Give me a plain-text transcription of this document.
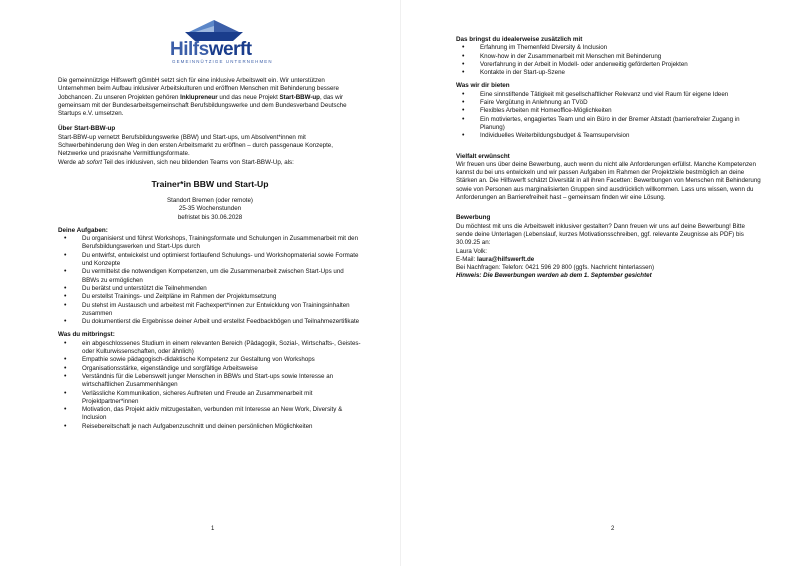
Hilfswerft
GEMEINNÜTZIGE UNTERNEHMEN

Die gemeinnützige Hilfswerft gGmbH setzt sich für eine inklusive Arbeitswelt ein. Wir unterstützen Unternehmen beim Aufbau inklusiver Arbeitskulturen und eröffnen Menschen mit Behinderung bessere Jobchancen. Zu unseren Projekten gehören Inklupreneur und das neue Projekt Start-BBW-up, das wir gemeinsam mit der Bundesarbeitsgemeinschaft Berufsbildungswerke und dem Bundesverband Deutsche Startups e.V. umsetzen.

Über Start-BBW-up

Start-BBW-up vernetzt Berufsbildungswerke (BBW) und Start-ups, um Absolvent*innen mit Schwerbehinderung den Weg in den ersten Arbeitsmarkt zu eröffnen – durch passgenaue Konzepte, Netzwerke und praxisnahe Vermittlungsformate.

Werde ab sofort Teil des inklusiven, sich neu bildenden Teams von Start-BBW-Up, als:

Trainer*in BBW und Start-Up

Standort Bremen (oder remote)

25-35 Wochenstunden

befristet bis 30.06.2028

Deine Aufgaben:
• Du organisierst und führst Workshops, Trainingsformate und Schulungen in Zusammenarbeit mit den Berufsbildungswerken und Start-Ups durch
• Du entwirfst, entwickelst und optimierst fortlaufend Schulungs- und Workshopmaterial sowie Formate und Konzepte
• Du vermittelst die notwendigen Kompetenzen, um die Zusammenarbeit zwischen Start-Ups und BBWs zu ermöglichen
• Du berätst und unterstützt die Teilnehmenden
• Du erstellst Trainings- und Zeitpläne im Rahmen der Projektumsetzung
• Du stehst im Austausch und arbeitest mit Fachexpert*innen zur Entwicklung von Trainingsinhalten zusammen
• Du dokumentierst die Ergebnisse deiner Arbeit und erstellst Feedbackbögen und Teilnahmezertifikate
Was du mitbringst:
• ein abgeschlossenes Studium in einem relevanten Bereich (Pädagogik, Sozial-, Wirtschafts-, Geistes- oder Kulturwissenschaften, oder ähnlich)
• Empathie sowie pädagogisch-didaktische Kompetenz zur Gestaltung von Workshops
• Organisationsstärke, eigenständige und sorgfältige Arbeitsweise
• Verständnis für die Lebenswelt junger Menschen in BBWs und Start-ups sowie Interesse an wirtschaftlichen Zusammenhängen
• Verlässliche Kommunikation, sicheres Auftreten und Freude an Zusammenarbeit mit Projektpartner*innen
• Motivation, das Projekt aktiv mitzugestalten, verbunden mit Interesse an New Work, Diversity & Inclusion
• Reisebereitschaft je nach Aufgabenzuschnitt und deinen persönlichen Möglichkeiten
1
Das bringst du idealerweise zusätzlich mit
• Erfahrung im Themenfeld Diversity & Inclusion
• Know-how in der Zusammenarbeit mit Menschen mit Behinderung
• Vorerfahrung in der Arbeit in Modell- oder anderweitig geförderten Projekten
• Kontakte in der Start-up-Szene
Was wir dir bieten
• Eine sinnstiftende Tätigkeit mit gesellschaftlicher Relevanz und viel Raum für eigene Ideen
• Faire Vergütung in Anlehnung an TVöD
• Flexibles Arbeiten mit Homeoffice-Möglichkeiten
• Ein motiviertes, engagiertes Team und ein Büro in der Bremer Altstadt (barrierefreier Zugang in Planung)
• Individuelles Weiterbildungsbudget & Teamsupervision
Vielfalt erwünscht

Wir freuen uns über deine Bewerbung, auch wenn du nicht alle Anforderungen erfüllst. Manche Kompetenzen kannst du bei uns entwickeln und wir passen Aufgaben im Rahmen der Projektziele bestmöglich an deine Stärken an. Die Hilfswerft schätzt Diversität in all ihren Facetten: Bewerbungen von Menschen mit Behinderung sowie von Personen aus marginalisierten Gruppen sind ausdrücklich willkommen. Lass uns wissen, wenn du Anforderungen an Barrierefreiheit hast – gemeinsam finden wir eine Lösung.

Bewerbung

Du möchtest mit uns die Arbeitswelt inklusiver gestalten? Dann freuen wir uns auf deine Bewerbung! Bitte sende deine Unterlagen (Lebenslauf, kurzes Motivationsschreiben, ggf. relevante Zeugnisse als PDF) bis 30.09.25 an:

Laura Volk:

E-Mail: laura@hilfswerft.de

Bei Nachfragen: Telefon: 0421 596 29 800 (ggfs. Nachricht hinterlassen)

Hinweis: Die Bewerbungen werden ab dem 1. September gesichtet

2
